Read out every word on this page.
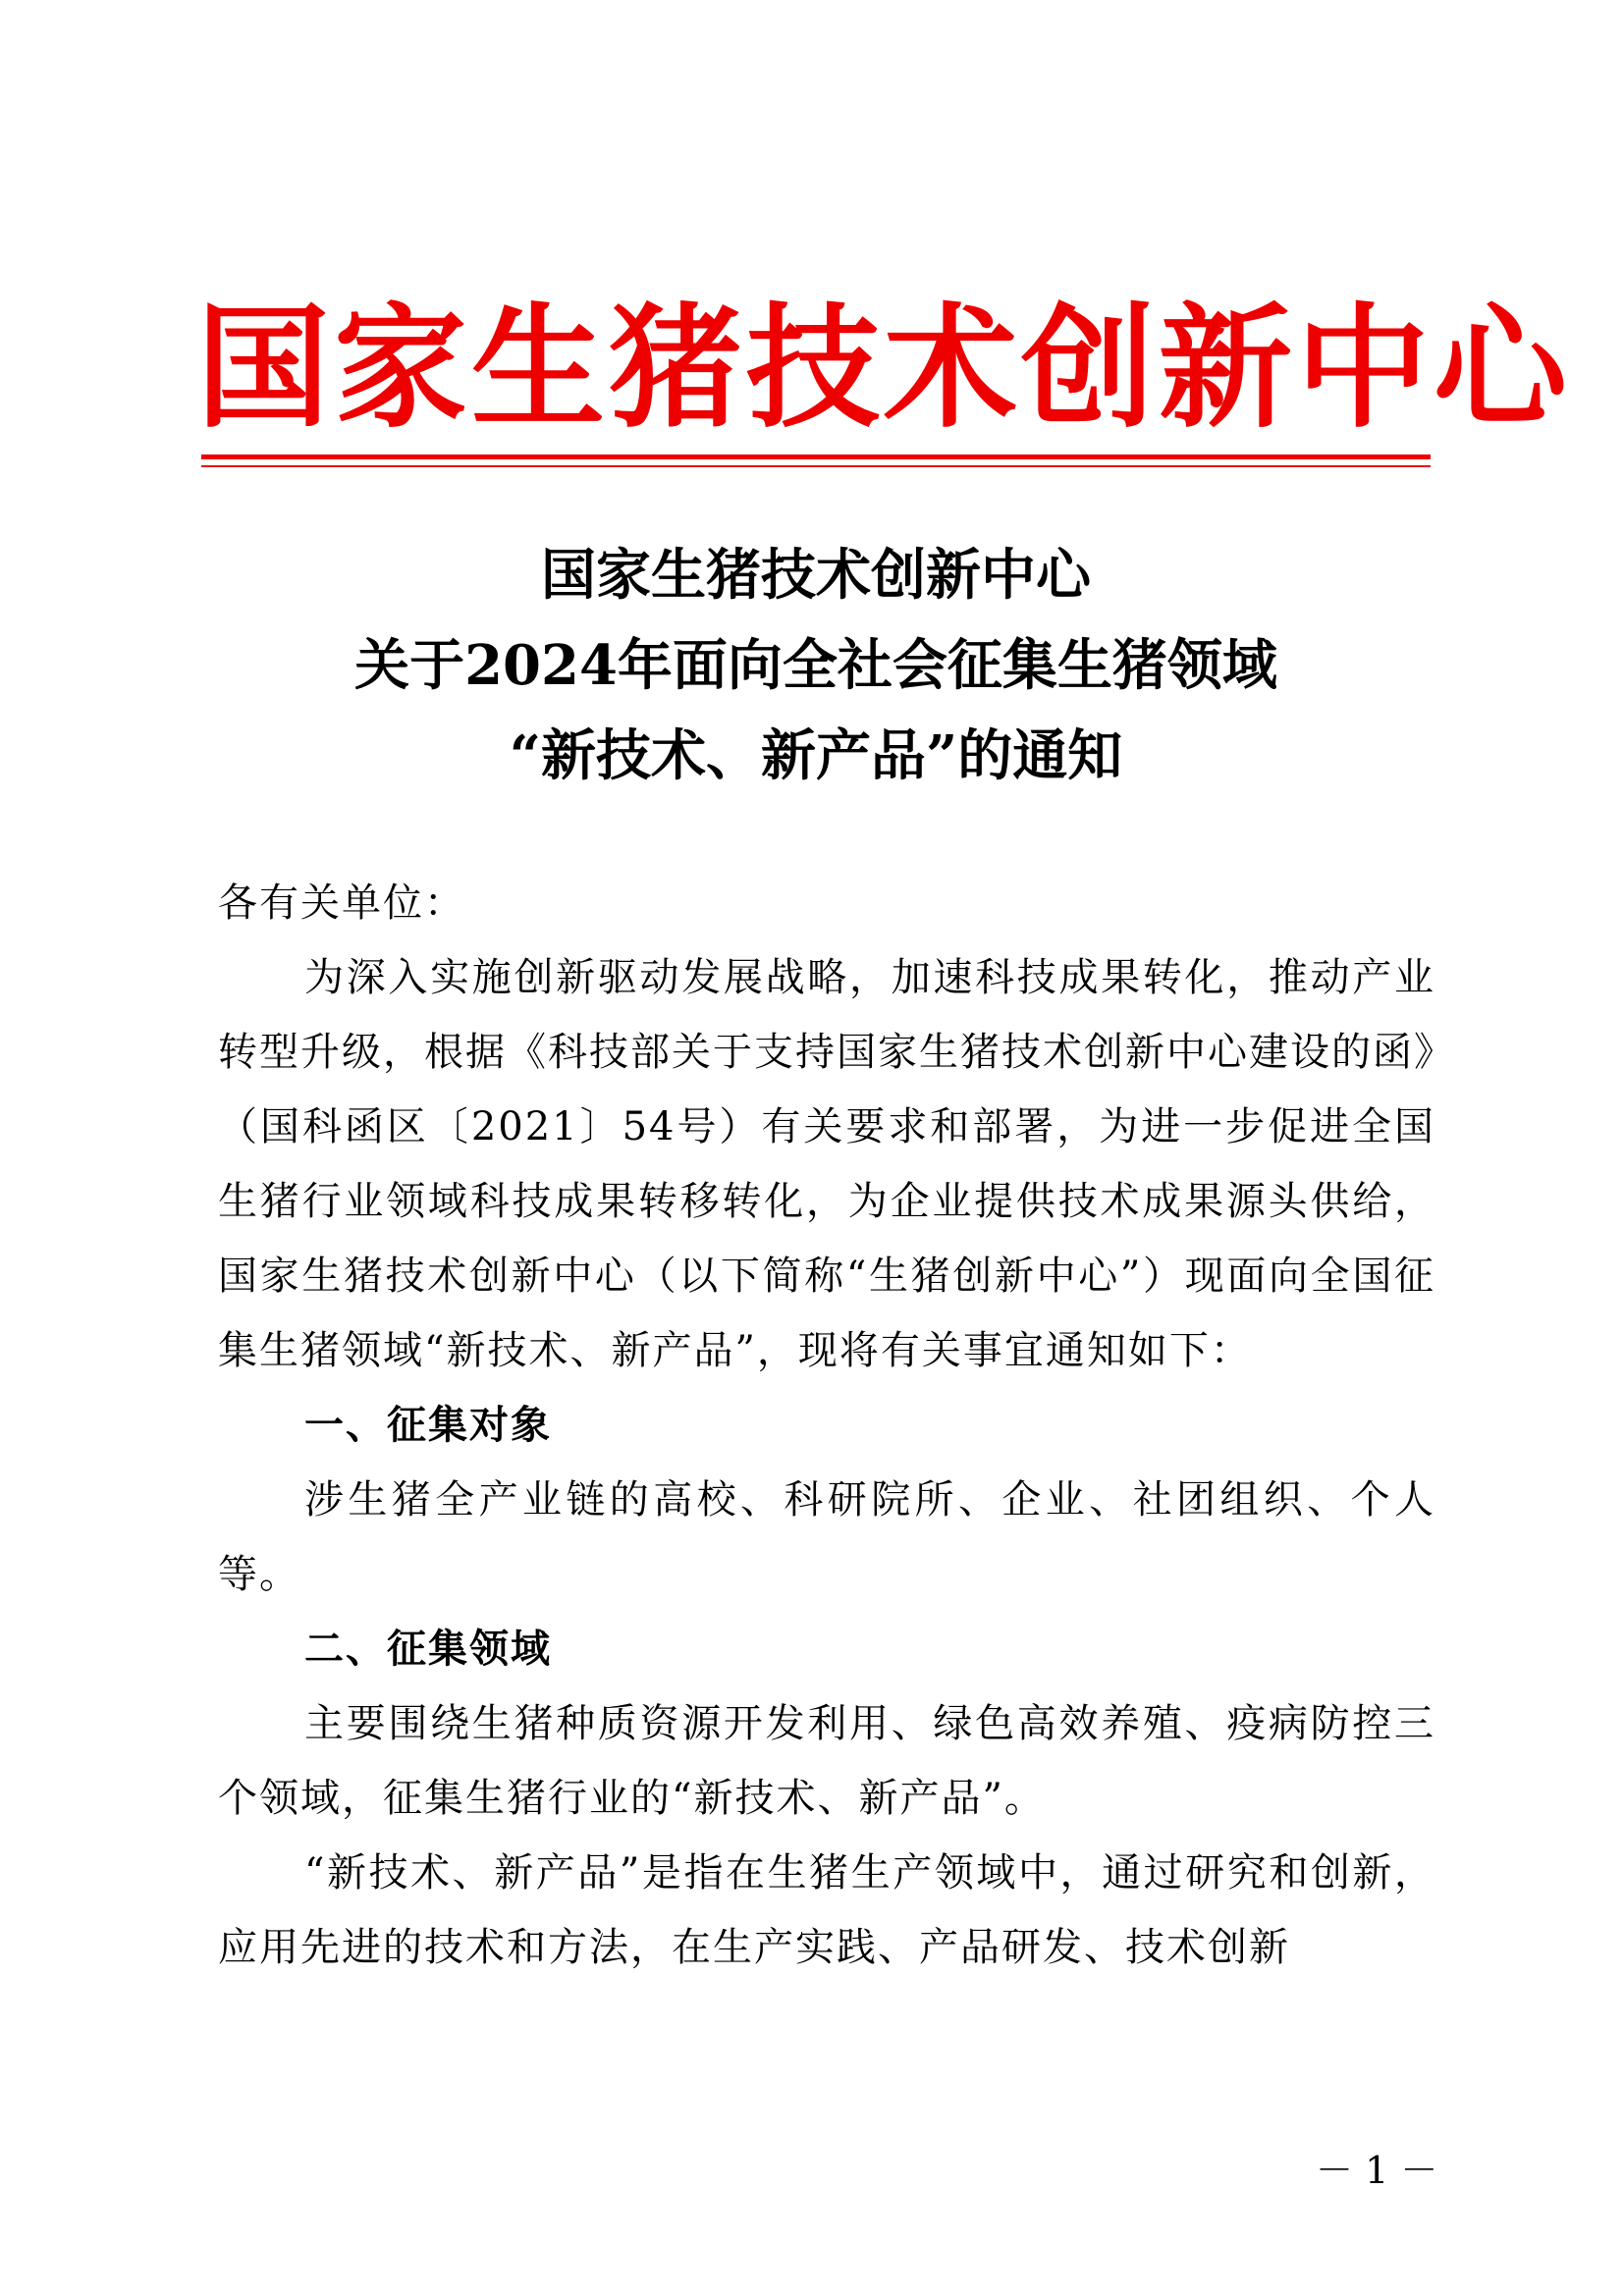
国家生猪技术创新中心
国家生猪技术创新中心
关于2024年面向全社会征集生猪领域
“新技术、新产品”的通知

各有关单位：

为深入实施创新驱动发展战略，加速科技成果转化，推动产业转型升级，根据《科技部关于支持国家生猪技术创新中心建设的函》（国科函区〔2021〕54号）有关要求和部署，为进一步促进全国生猪行业领域科技成果转移转化，为企业提供技术成果源头供给，国家生猪技术创新中心（以下简称“生猪创新中心”）现面向全国征集生猪领域“新技术、新产品”，现将有关事宜通知如下：

一、征集对象

涉生猪全产业链的高校、科研院所、企业、社团组织、个人等。

二、征集领域

主要围绕生猪种质资源开发利用、绿色高效养殖、疫病防控三个领域，征集生猪行业的“新技术、新产品”。

“新技术、新产品”是指在生猪生产领域中，通过研究和创新，应用先进的技术和方法，在生产实践、产品研发、技术创新

－ 1 －
